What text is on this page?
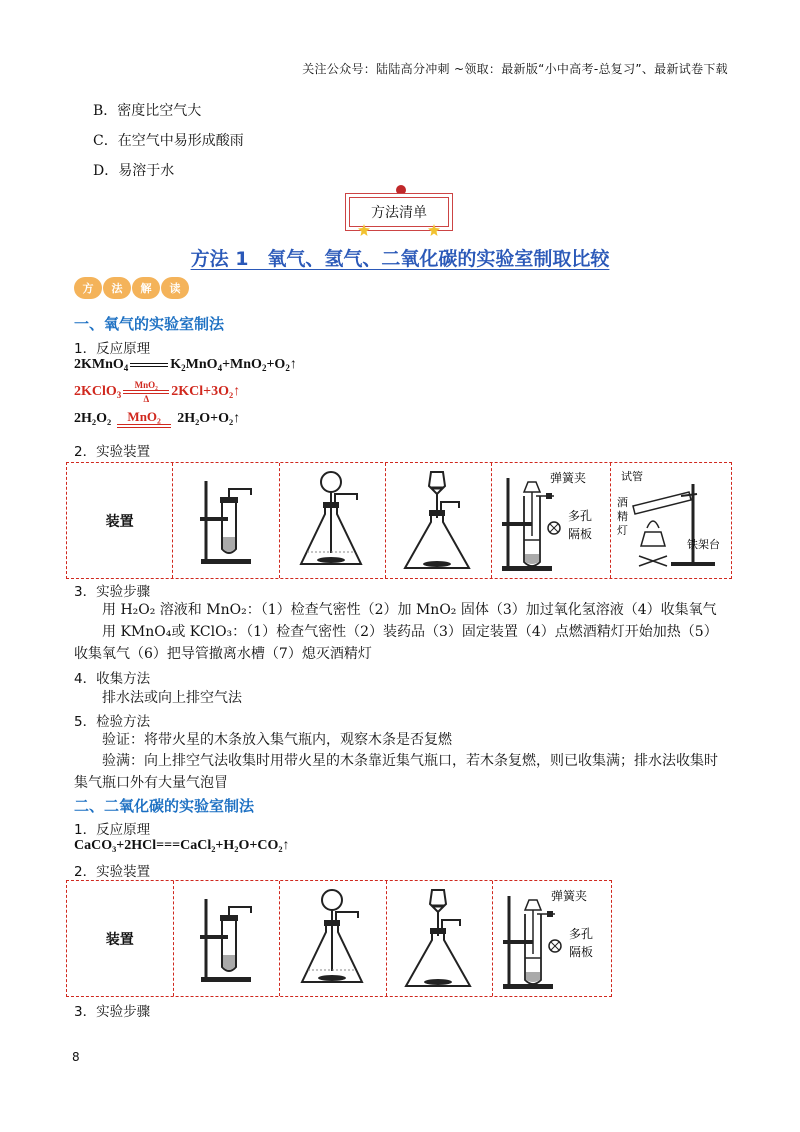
关注公众号：陆陆高分冲刺 ~领取：最新版“小中高考-总复习”、最新试卷下载
B．密度比空气大
C．在空气中易形成酸雨
D．易溶于水
方法清单
方法 1　氧气、氢气、二氧化碳的实验室制取比较
方	法	解	读
一、氧气的实验室制法
1．反应原理
2KMnO$_4$	$K_2MnO_4+MnO_2+O_2↑$
2KClO$_3$
MnO₂
Δ	2KCl+3O₂↑
2H₂O₂	MnO₂	2H₂O+O₂↑
2．实验装置
装置
弹簧夹
多孔
隔板
试管
酒
精
灯
铁架台
3．实验步骤
用 H₂O₂ 溶液和 MnO₂：（1）检查气密性（2）加 MnO₂ 固体（3）加过氧化氢溶液（4）收集氧气
用 KMnO₄或 KClO₃：（1）检查气密性（2）装药品（3）固定装置（4）点燃酒精灯开始加热（5）收集氧气（6）把导管撤离水槽（7）熄灭酒精灯
4．收集方法
排水法或向上排空气法
5．检验方法
验证：将带火星的木条放入集气瓶内，观察木条是否复燃
验满：向上排空气法收集时用带火星的木条靠近集气瓶口，若木条复燃，则已收集满；排水法收集时集气瓶口外有大量气泡冒
二、二氧化碳的实验室制法
1．反应原理
CaCO₃+2HCl===CaCl₂+H₂O+CO₂↑
2．实验装置
装置
弹簧夹
多孔
隔板
3．实验步骤
8
